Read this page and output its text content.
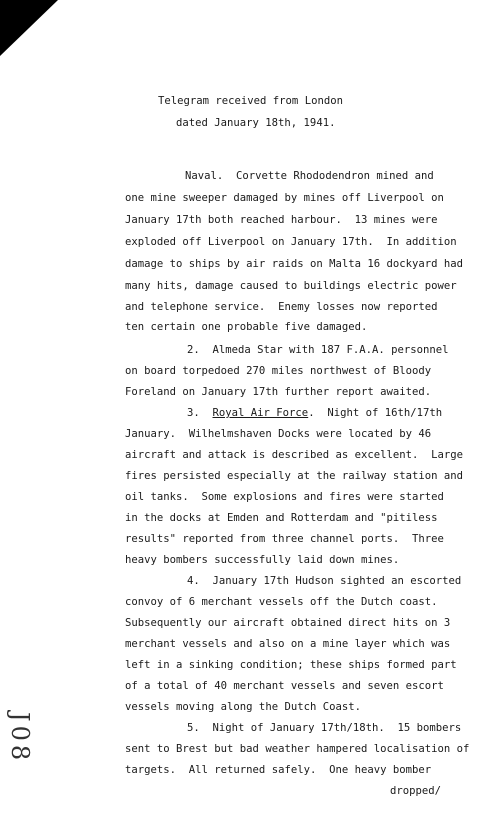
Telegram received from London
dated January 18th, 1941.
Naval.  Corvette Rhododendron mined and
one mine sweeper damaged by mines off Liverpool on
January 17th both reached harbour.  13 mines were
exploded off Liverpool on January 17th.  In addition
damage to ships by air raids on Malta 16 dockyard had
many hits, damage caused to buildings electric power
and telephone service.  Enemy losses now reported
ten certain one probable five damaged.
2.  Almeda Star with 187 F.A.A. personnel
on board torpedoed 270 miles northwest of Bloody
Foreland on January 17th further report awaited.
3.  Royal Air Force.  Night of 16th/17th
January.  Wilhelmshaven Docks were located by 46
aircraft and attack is described as excellent.  Large
fires persisted especially at the railway station and
oil tanks.  Some explosions and fires were started
in the docks at Emden and Rotterdam and "pitiless
results" reported from three channel ports.  Three
heavy bombers successfully laid down mines.
4.  January 17th Hudson sighted an escorted
convoy of 6 merchant vessels off the Dutch coast.
Subsequently our aircraft obtained direct hits on 3
merchant vessels and also on a mine layer which was
left in a sinking condition; these ships formed part
of a total of 40 merchant vessels and seven escort
vessels moving along the Dutch Coast.
5.  Night of January 17th/18th.  15 bombers
sent to Brest but bad weather hampered localisation of
targets.  All returned safely.  One heavy bomber
dropped/
J08
